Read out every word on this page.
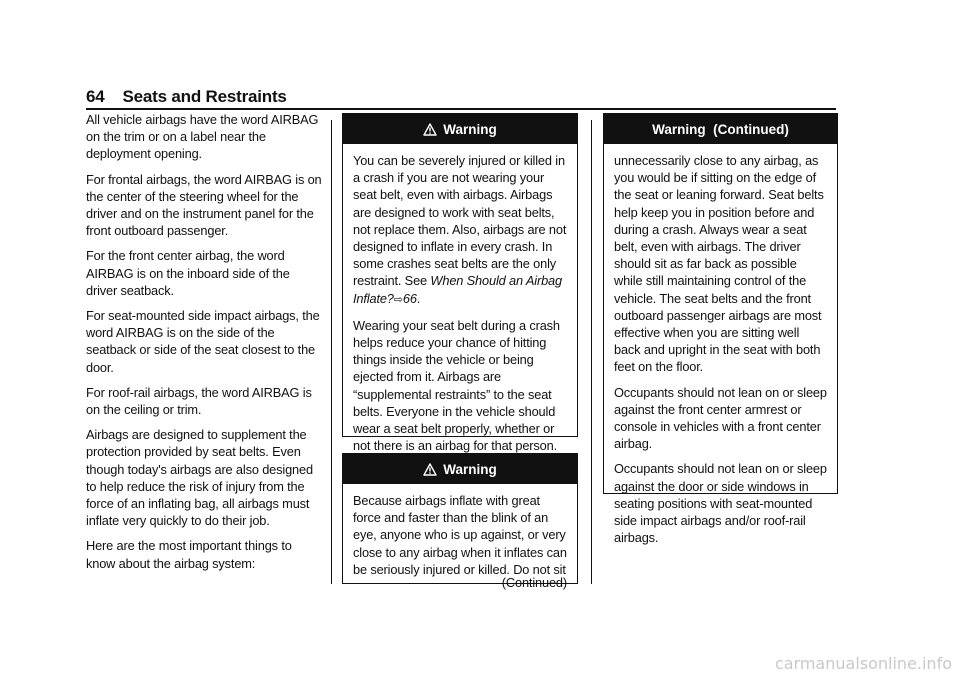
64 Seats and Restraints

All vehicle airbags have the word AIRBAG on the trim or on a label near the deployment opening.

For frontal airbags, the word AIRBAG is on the center of the steering wheel for the driver and on the instrument panel for the front outboard passenger.

For the front center airbag, the word AIRBAG is on the inboard side of the driver seatback.

For seat-mounted side impact airbags, the word AIRBAG is on the side of the seatback or side of the seat closest to the door.

For roof-rail airbags, the word AIRBAG is on the ceiling or trim.

Airbags are designed to supplement the protection provided by seat belts. Even though today's airbags are also designed to help reduce the risk of injury from the force of an inflating bag, all airbags must inflate very quickly to do their job.

Here are the most important things to know about the airbag system:

Warning

You can be severely injured or killed in a crash if you are not wearing your seat belt, even with airbags. Airbags are designed to work with seat belts, not replace them. Also, airbags are not designed to inflate in every crash. In some crashes seat belts are the only restraint. See When Should an Airbag Inflate?⇨66.

Wearing your seat belt during a crash helps reduce your chance of hitting things inside the vehicle or being ejected from it. Airbags are “supplemental restraints” to the seat belts. Everyone in the vehicle should wear a seat belt properly, whether or not there is an airbag for that person.

Warning

Because airbags inflate with great force and faster than the blink of an eye, anyone who is up against, or very close to any airbag when it inflates can be seriously injured or killed. Do not sit

(Continued)
Warning  (Continued)

unnecessarily close to any airbag, as you would be if sitting on the edge of the seat or leaning forward. Seat belts help keep you in position before and during a crash. Always wear a seat belt, even with airbags. The driver should sit as far back as possible while still maintaining control of the vehicle. The seat belts and the front outboard passenger airbags are most effective when you are sitting well back and upright in the seat with both feet on the floor.

Occupants should not lean on or sleep against the front center armrest or console in vehicles with a front center airbag.

Occupants should not lean on or sleep against the door or side windows in seating positions with seat-mounted side impact airbags and/or roof-rail airbags.

carmanualsonline.info
